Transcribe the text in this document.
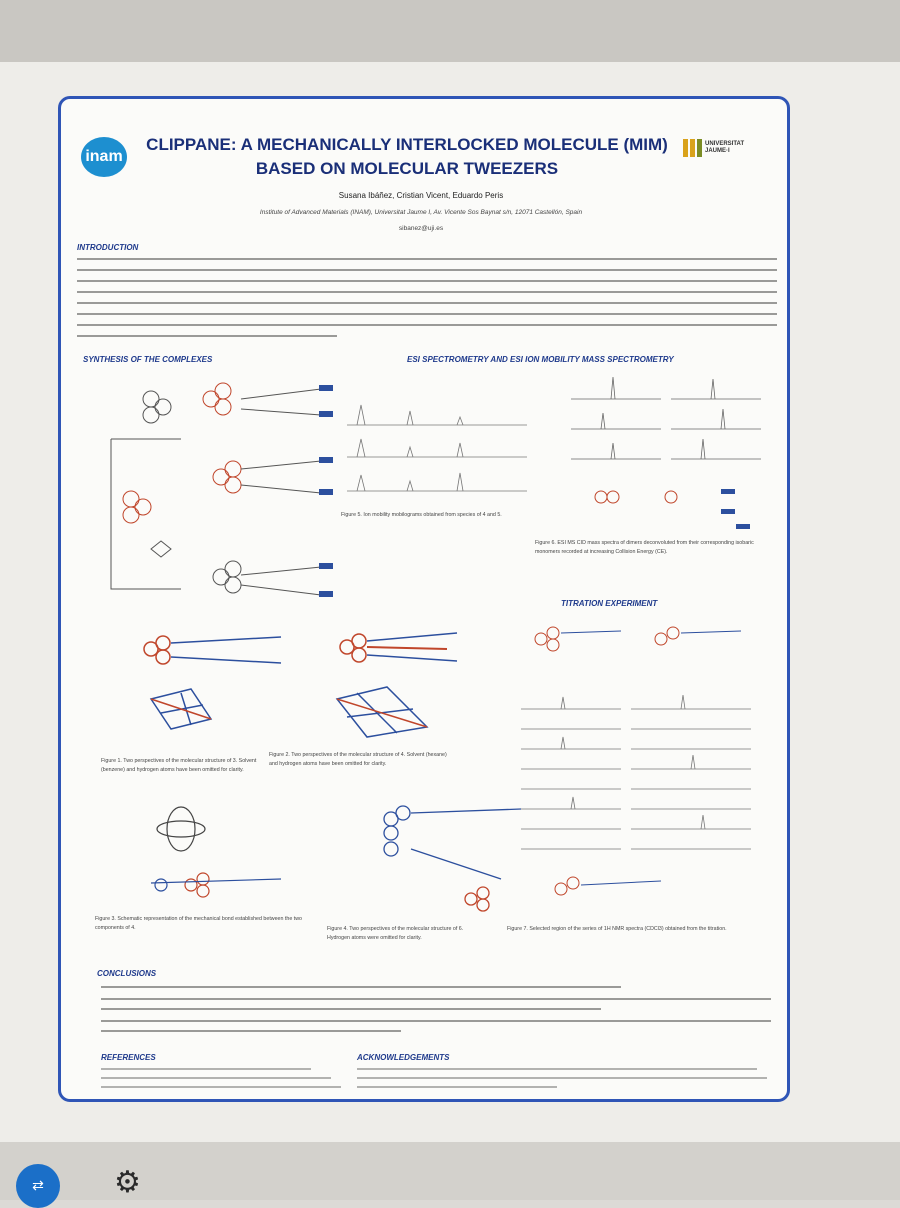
inam
UNIVERSITAT
JAUME·I
CLIPPANE: A MECHANICALLY INTERLOCKED MOLECULE (MIM)
BASED ON MOLECULAR TWEEZERS
Susana Ibáñez, Cristian Vicent, Eduardo Peris
Institute of Advanced Materials (INAM), Universitat Jaume I, Av. Vicente Sos Baynat s/n, 12071 Castellón, Spain
sibanez@uji.es
INTRODUCTION
SYNTHESIS OF THE COMPLEXES	ESI SPECTROMETRY AND ESI ION MOBILITY MASS SPECTROMETRY
Figure 5. Ion mobility mobilograms obtained from species of 4 and 5.
Figure 6. ESI MS CID mass spectra of dimers deconvoluted from their corresponding isobaric monomers recorded at increasing Collision Energy (CE).
TITRATION EXPERIMENT
Figure 1. Two perspectives of the molecular structure of 3. Solvent (benzene) and hydrogen atoms have been omitted for clarity.
Figure 2. Two perspectives of the molecular structure of 4. Solvent (hexane) and hydrogen atoms have been omitted for clarity.
Figure 3. Schematic representation of the mechanical bond established between the two components of 4.	Figure 4. Two perspectives of the molecular structure of 6. Hydrogen atoms were omitted for clarity.
Figure 7. Selected region of the series of 1H NMR spectra (CDCl3) obtained from the titration.
CONCLUSIONS
REFERENCES	ACKNOWLEDGEMENTS
⇄ ⚙
